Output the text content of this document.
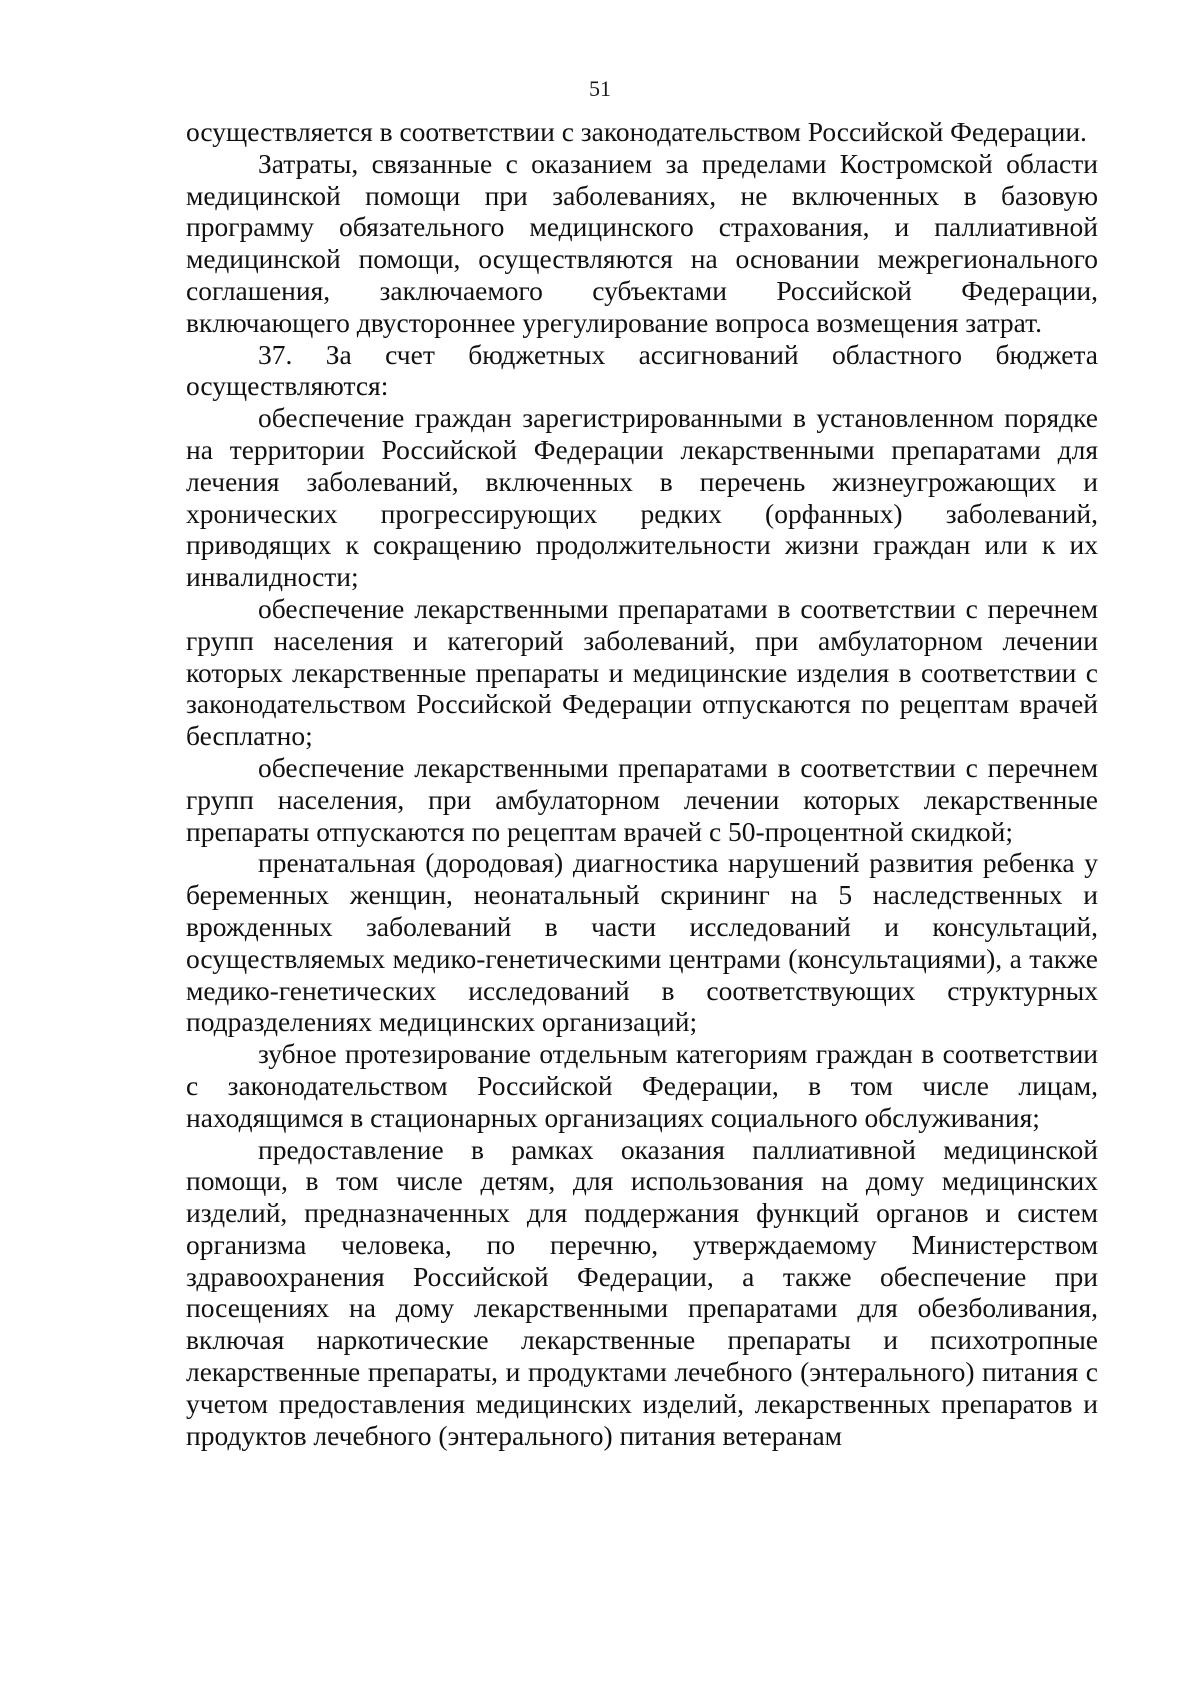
51

осуществляется в соответствии с законодательством Российской Федерации.

Затраты, связанные с оказанием за пределами Костромской области медицинской помощи при заболеваниях, не включенных в базовую программу обязательного медицинского страхования, и паллиативной медицинской помощи, осуществляются на основании межрегионального соглашения, заключаемого субъектами Российской Федерации, включающего двустороннее урегулирование вопроса возмещения затрат.

37. За счет бюджетных ассигнований областного бюджета осуществляются:

обеспечение граждан зарегистрированными в установленном порядке на территории Российской Федерации лекарственными препаратами для лечения заболеваний, включенных в перечень жизнеугрожающих и хронических прогрессирующих редких (орфанных) заболеваний, приводящих к сокращению продолжительности жизни граждан или к их инвалидности;

обеспечение лекарственными препаратами в соответствии с перечнем групп населения и категорий заболеваний, при амбулаторном лечении которых лекарственные препараты и медицинские изделия в соответствии с законодательством Российской Федерации отпускаются по рецептам врачей бесплатно;

обеспечение лекарственными препаратами в соответствии с перечнем групп населения, при амбулаторном лечении которых лекарственные препараты отпускаются по рецептам врачей с 50-процентной скидкой;

пренатальная (дородовая) диагностика нарушений развития ребенка у беременных женщин, неонатальный скрининг на 5 наследственных и врожденных заболеваний в части исследований и консультаций, осуществляемых медико-генетическими центрами (консультациями), а также медико-генетических исследований в соответствующих структурных подразделениях медицинских организаций;

зубное протезирование отдельным категориям граждан в соответствии с законодательством Российской Федерации, в том числе лицам, находящимся в стационарных организациях социального обслуживания;

предоставление в рамках оказания паллиативной медицинской помощи, в том числе детям, для использования на дому медицинских изделий, предназначенных для поддержания функций органов и систем организма человека, по перечню, утверждаемому Министерством здравоохранения Российской Федерации, а также обеспечение при посещениях на дому лекарственными препаратами для обезболивания, включая наркотические лекарственные препараты и психотропные лекарственные препараты, и продуктами лечебного (энтерального) питания с учетом предоставления медицинских изделий, лекарственных препаратов и продуктов лечебного (энтерального) питания ветеранам
